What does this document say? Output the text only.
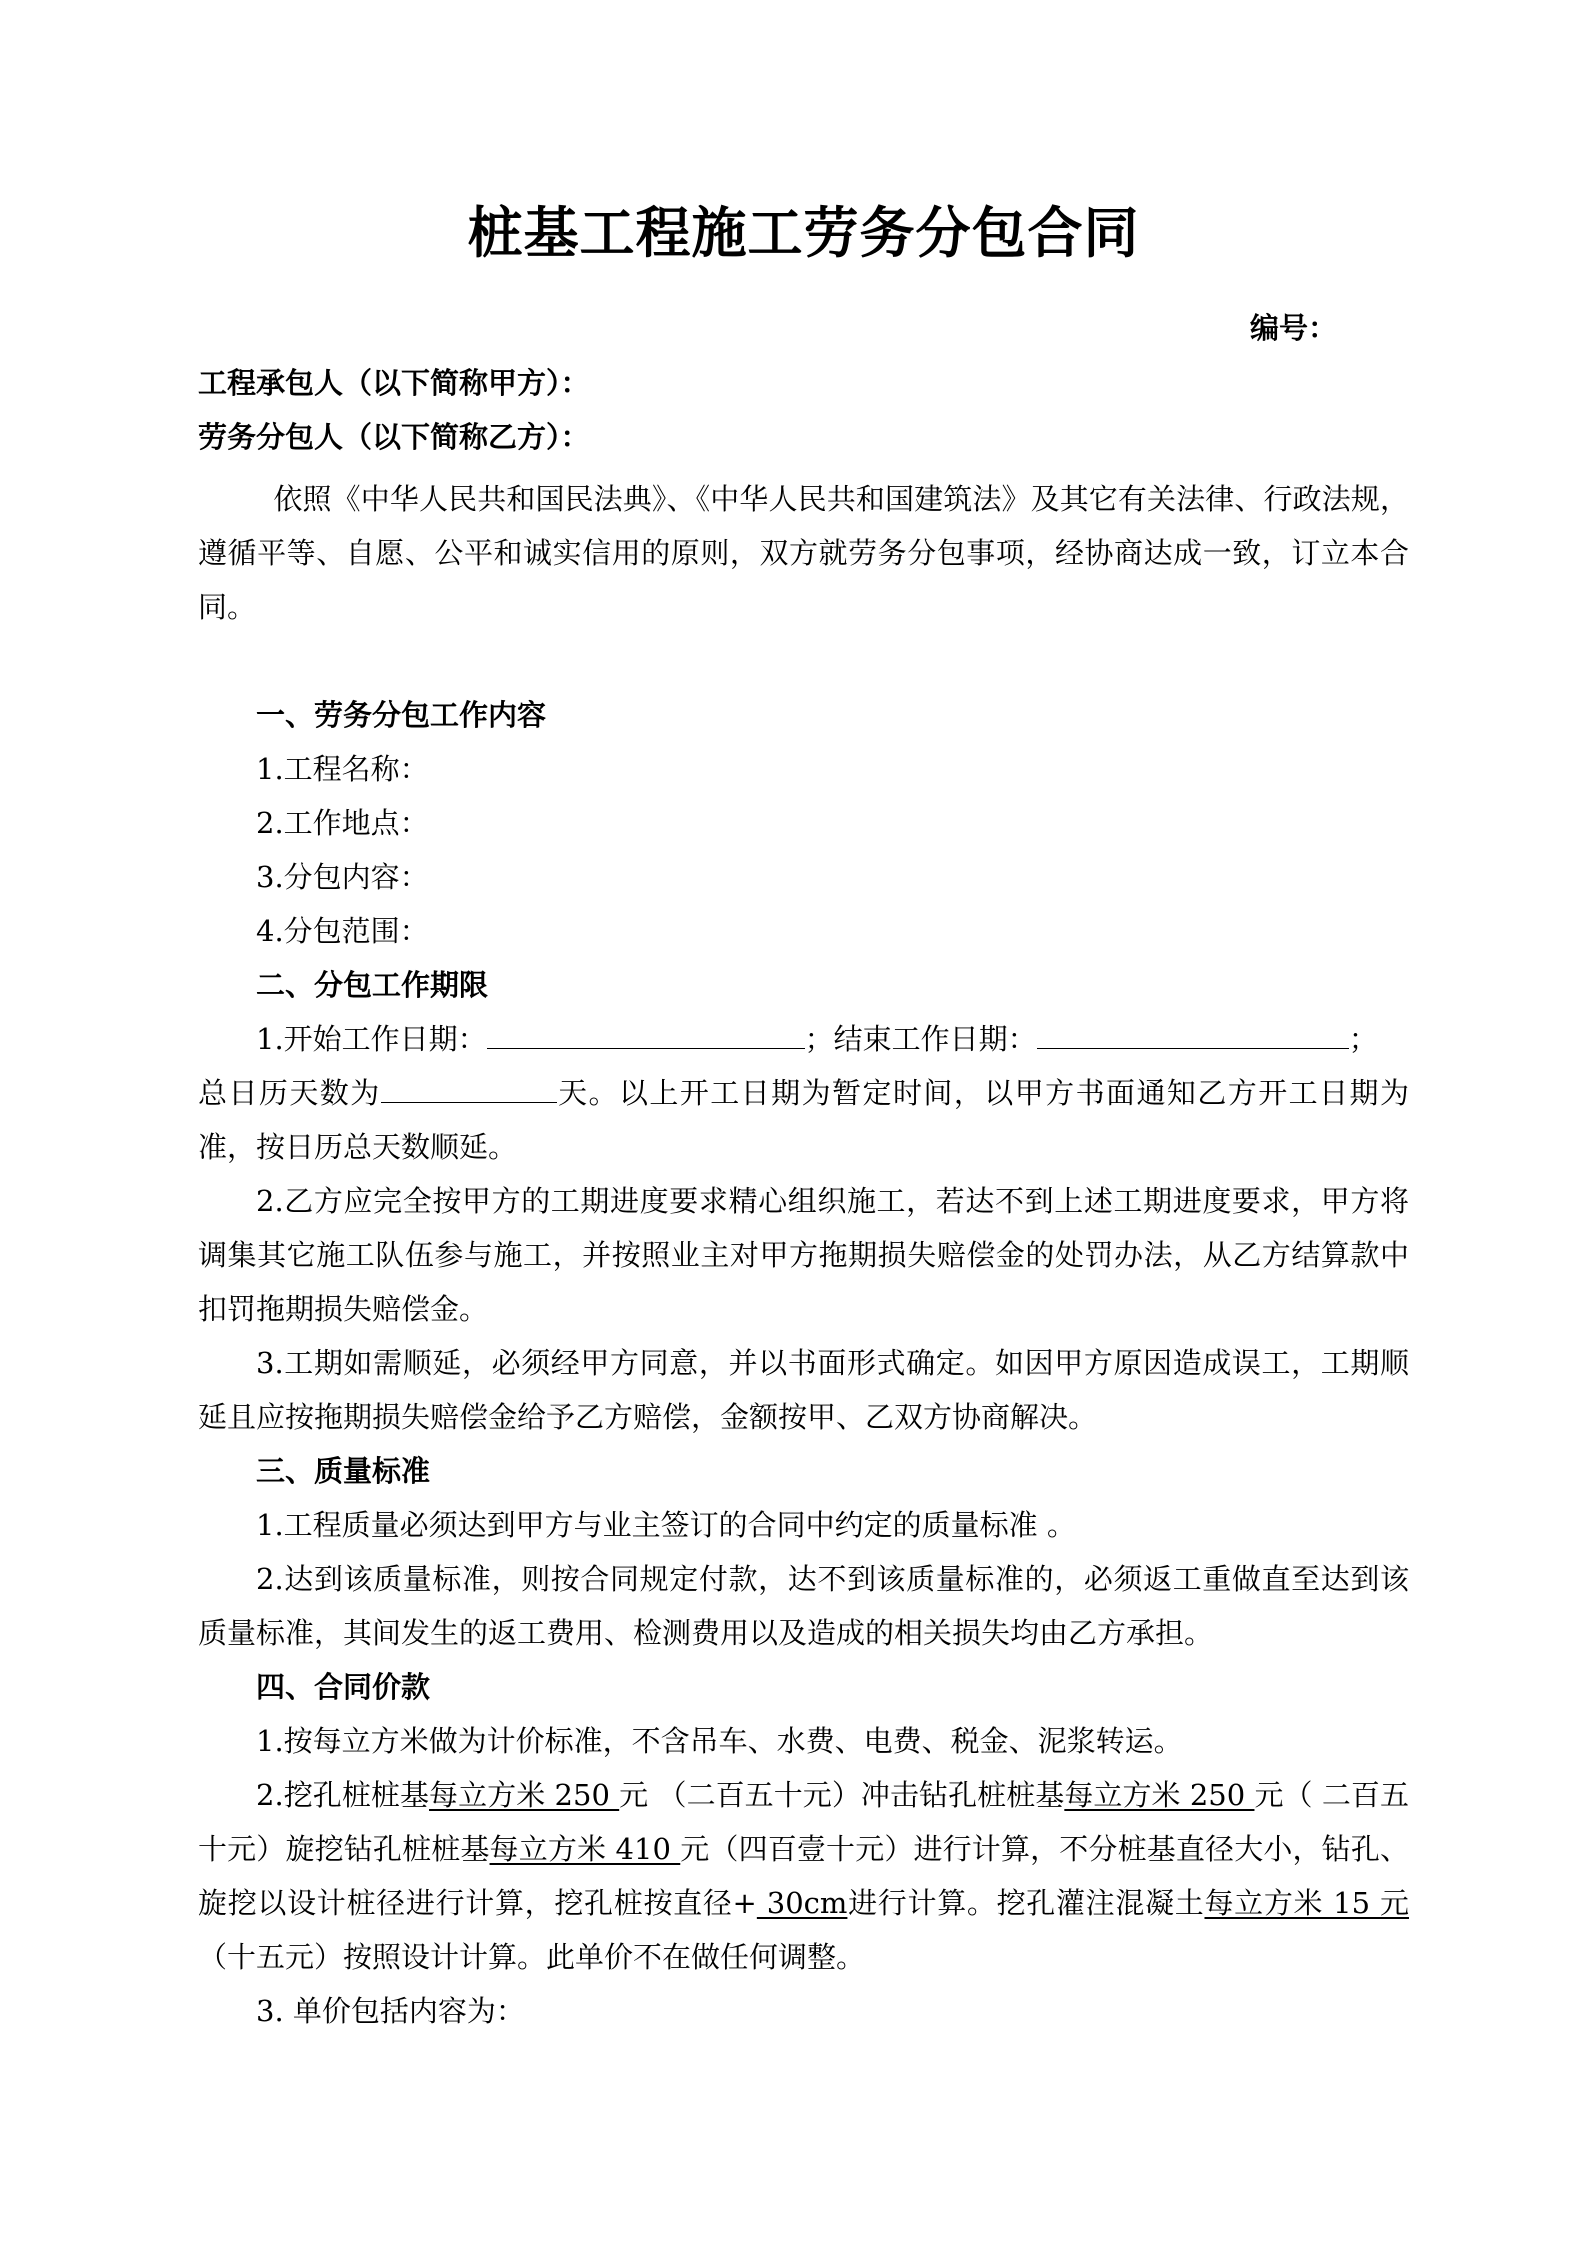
桩基工程施工劳务分包合同
编号：
工程承包人（以下简称甲方）：
劳务分包人（以下简称乙方）：
依照《中华人民共和国民法典》、《中华人民共和国建筑法》及其它有关法律、行政法规，遵循平等、自愿、公平和诚实信用的原则，双方就劳务分包事项，经协商达成一致，订立本合同。
一、劳务分包工作内容
1.工程名称：
2.工作地点：
3.分包内容：
4.分包范围：
二、分包工作期限
1.开始工作日期：	；结束工作日期：	；
总日历天数为	天。以上开工日期为暂定时间，以甲方书面通知乙方开工日期为准，按日历总天数顺延。
2.乙方应完全按甲方的工期进度要求精心组织施工，若达不到上述工期进度要求，甲方将调集其它施工队伍参与施工，并按照业主对甲方拖期损失赔偿金的处罚办法，从乙方结算款中扣罚拖期损失赔偿金。
3.工期如需顺延，必须经甲方同意，并以书面形式确定。如因甲方原因造成误工，工期顺延且应按拖期损失赔偿金给予乙方赔偿，金额按甲、乙双方协商解决。
三、质量标准
1.工程质量必须达到甲方与业主签订的合同中约定的质量标准 。
2.达到该质量标准，则按合同规定付款，达不到该质量标准的，必须返工重做直至达到该质量标准，其间发生的返工费用、检测费用以及造成的相关损失均由乙方承担。
四、合同价款
1.按每立方米做为计价标准，不含吊车、水费、电费、税金、泥浆转运。
2.挖孔桩桩基每立方米 250 元 （二百五十元）冲击钻孔桩桩基每立方米 250 元（ 二百五十元）旋挖钻孔桩桩基每立方米 410 元（四百壹十元）进行计算，不分桩基直径大小，钻孔、旋挖以设计桩径进行计算，挖孔桩按直径+ 30cm进行计算。挖孔灌注混凝土每立方米 15 元（十五元）按照设计计算。此单价不在做任何调整。
3. 单价包括内容为：
